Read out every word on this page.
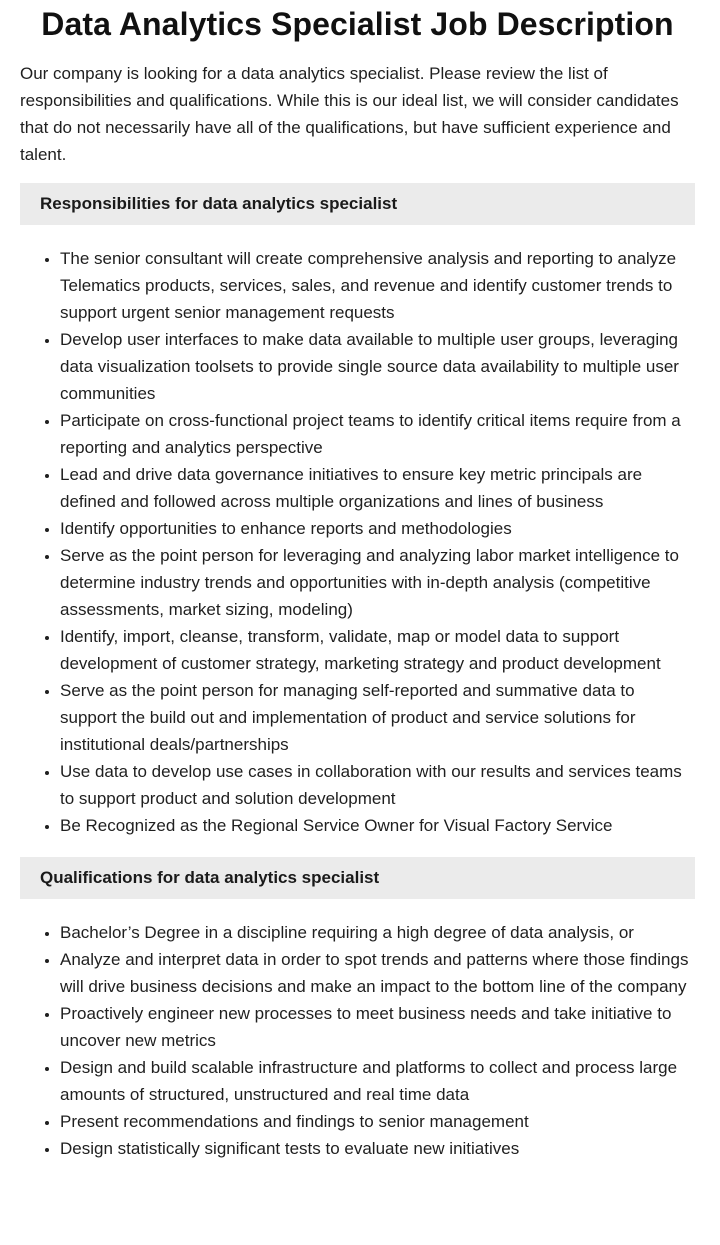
Data Analytics Specialist Job Description

Our company is looking for a data analytics specialist. Please review the list of responsibilities and qualifications. While this is our ideal list, we will consider candidates that do not necessarily have all of the qualifications, but have sufficient experience and talent.

Responsibilities for data analytics specialist
• The senior consultant will create comprehensive analysis and reporting to analyze Telematics products, services, sales, and revenue and identify customer trends to support urgent senior management requests
• Develop user interfaces to make data available to multiple user groups, leveraging data visualization toolsets to provide single source data availability to multiple user communities
• Participate on cross-functional project teams to identify critical items require from a reporting and analytics perspective
• Lead and drive data governance initiatives to ensure key metric principals are defined and followed across multiple organizations and lines of business
• Identify opportunities to enhance reports and methodologies
• Serve as the point person for leveraging and analyzing labor market intelligence to determine industry trends and opportunities with in-depth analysis (competitive assessments, market sizing, modeling)
• Identify, import, cleanse, transform, validate, map or model data to support development of customer strategy, marketing strategy and product development
• Serve as the point person for managing self-reported and summative data to support the build out and implementation of product and service solutions for institutional deals/partnerships
• Use data to develop use cases in collaboration with our results and services teams to support product and solution development
• Be Recognized as the Regional Service Owner for Visual Factory Service
Qualifications for data analytics specialist
• Bachelor’s Degree in a discipline requiring a high degree of data analysis, or
• Analyze and interpret data in order to spot trends and patterns where those findings will drive business decisions and make an impact to the bottom line of the company
• Proactively engineer new processes to meet business needs and take initiative to uncover new metrics
• Design and build scalable infrastructure and platforms to collect and process large amounts of structured, unstructured and real time data
• Present recommendations and findings to senior management
• Design statistically significant tests to evaluate new initiatives
